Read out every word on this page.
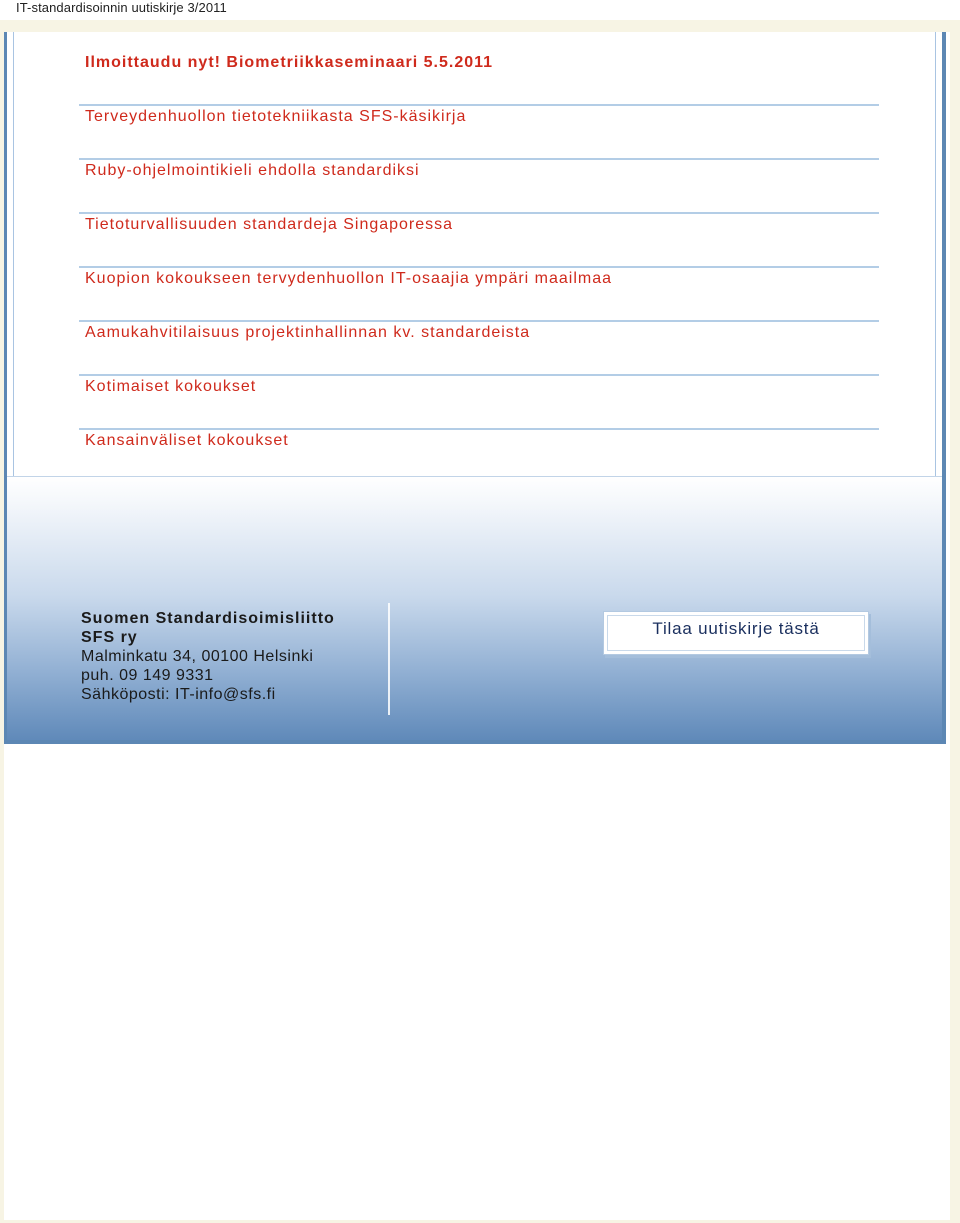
IT-standardisoinnin uutiskirje 3/2011
Ilmoittaudu nyt! Biometriikkaseminaari 5.5.2011
Terveydenhuollon tietotekniikasta SFS-käsikirja
Ruby-ohjelmointikieli ehdolla standardiksi
Tietoturvallisuuden standardeja Singaporessa
Kuopion kokoukseen tervydenhuollon IT-osaajia ympäri maailmaa
Aamukahvitilaisuus projektinhallinnan kv. standardeista
Kotimaiset kokoukset
Kansainväliset kokoukset
Suomen Standardisoimisliitto
SFS ry
Malminkatu 34, 00100 Helsinki
puh. 09 149 9331
Sähköposti: IT-info@sfs.fi
Tilaa uutiskirje tästä
